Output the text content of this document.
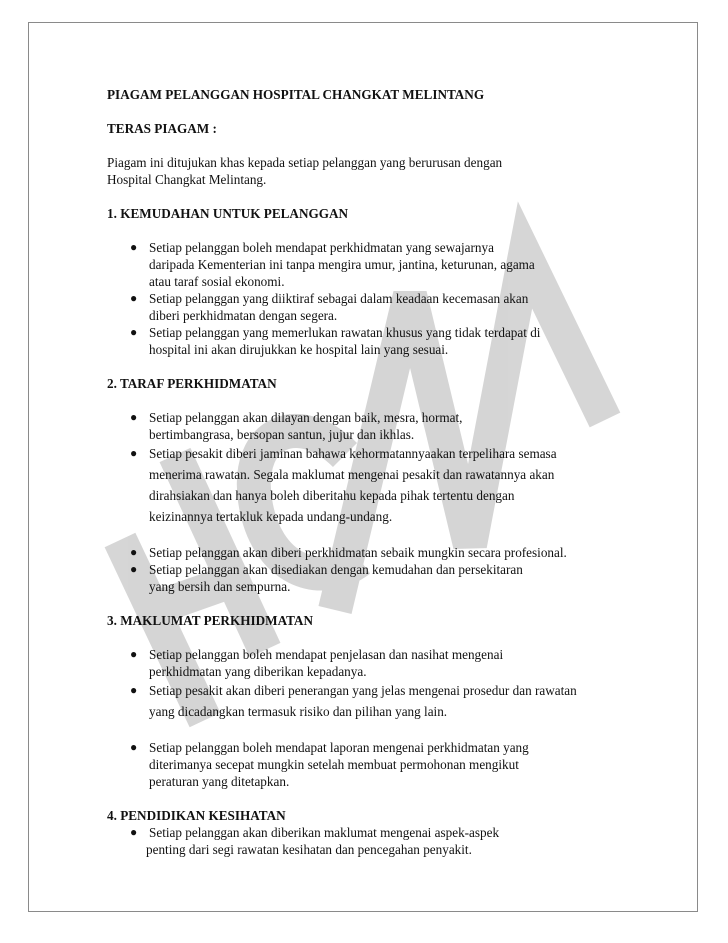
PIAGAM PELANGGAN HOSPITAL CHANGKAT MELINTANG
TERAS PIAGAM :
Piagam ini ditujukan khas kepada setiap pelanggan yang berurusan dengan
Hospital Changkat Melintang.
1. KEMUDAHAN UNTUK PELANGGAN
● Setiap pelanggan boleh mendapat perkhidmatan yang sewajarnya
daripada Kementerian ini tanpa mengira umur, jantina, keturunan, agama
atau taraf sosial ekonomi.
● Setiap pelanggan yang diiktiraf sebagai dalam keadaan kecemasan akan
diberi perkhidmatan dengan segera.
● Setiap pelanggan yang memerlukan rawatan khusus yang tidak terdapat di
hospital ini akan dirujukkan ke hospital lain yang sesuai.
2. TARAF PERKHIDMATAN
● Setiap pelanggan akan dilayan dengan baik, mesra, hormat,
bertimbangrasa, bersopan santun, jujur dan ikhlas.
● Setiap pesakit diberi jaminan bahawa kehormatannyaakan terpelihara semasa
menerima rawatan. Segala maklumat mengenai pesakit dan rawatannya akan
dirahsiakan dan hanya boleh diberitahu kepada pihak tertentu dengan
keizinannya tertakluk kepada undang-undang.
● Setiap pelanggan akan diberi perkhidmatan sebaik mungkin secara profesional.
● Setiap pelanggan akan disediakan dengan kemudahan dan persekitaran
yang bersih dan sempurna.
3. MAKLUMAT PERKHIDMATAN
● Setiap pelanggan boleh mendapat penjelasan dan nasihat mengenai
perkhidmatan yang diberikan kepadanya.
● Setiap pesakit akan diberi penerangan yang jelas mengenai prosedur dan rawatan
yang dicadangkan termasuk risiko dan pilihan yang lain.
● Setiap pelanggan boleh mendapat laporan mengenai perkhidmatan yang
diterimanya secepat mungkin setelah membuat permohonan mengikut
peraturan yang ditetapkan.
4. PENDIDIKAN KESIHATAN
● Setiap pelanggan akan diberikan maklumat mengenai aspek-aspek
penting dari segi rawatan kesihatan dan pencegahan penyakit.
